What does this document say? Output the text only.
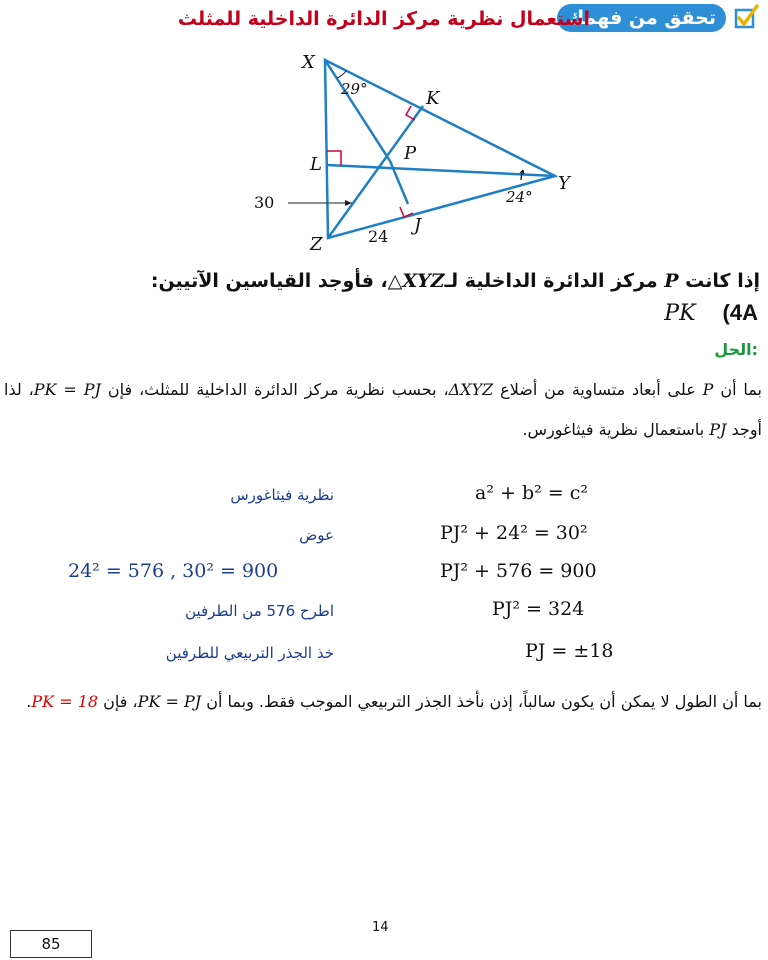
تحقق من فهمك
استعمال نظرية مركز الدائرة الداخلية للمثلث
X
Y
Z
K
L
P
J
29°
24°
30
24
إذا كانت P مركز الدائرة الداخلية لـ△XYZ، فأوجد القياسين الآتيين:
PK (4A
الحل:
بما أن P على أبعاد متساوية من أضلاع ΔXYZ، بحسب نظرية مركز الدائرة الداخلية للمثلث، فإن PK = PJ، لذا أوجد PJ باستعمال نظرية فيثاغورس.
a² + b² = c²
نظرية فيثاغورس
PJ² + 24² = 30²
عوض
PJ² + 576 = 900
24² = 576 , 30² = 900
PJ² = 324
اطرح 576 من الطرفين
PJ = ±18
خذ الجذر التربيعي للطرفين
بما أن الطول لا يمكن أن يكون سالباً، إذن نأخذ الجذر التربيعي الموجب فقط. وبما أن PK = PJ، فإن PK = 18.
14
85
